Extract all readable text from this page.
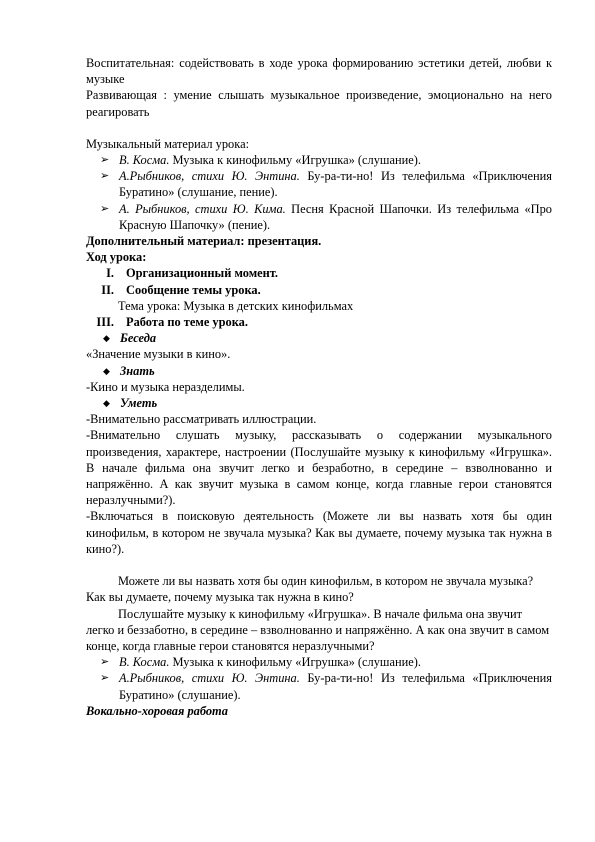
Воспитательная: содействовать в ходе урока формированию эстетики детей, любви к музыке

Развивающая : умение слышать музыкальное произведение, эмоционально на него реагировать

Музыкальный материал урока:

➢ В. Косма. Музыка к кинофильму «Игрушка» (слушание).
➢ А.Рыбников, стихи Ю. Энтина. Бу-ра-ти-но! Из телефильма «Приключения Буратино» (слушание, пение).
➢ А. Рыбников, стихи Ю. Кима. Песня Красной Шапочки. Из телефильма «Про Красную Шапочку» (пение).

Дополнительный материал: презентация.

Ход урока:

I. Организационный момент.

II. Сообщение темы урока.

Тема урока: Музыка в детских кинофильмах

III. Работа по теме урока.

◆ Беседа

«Значение музыки в кино».

◆ Знать

-Кино и музыка неразделимы.

◆ Уметь

-Внимательно рассматривать иллюстрации.

-Внимательно слушать музыку, рассказывать о содержании музыкального произведения, характере, настроении (Послушайте музыку к кинофильму «Игрушка». В начале фильма она звучит легко и безработно, в середине – взволнованно и напряжённо. А как звучит музыка в самом конце, когда главные герои становятся неразлучными?).

-Включаться в поисковую деятельность (Можете ли вы назвать хотя бы один кинофильм, в котором не звучала музыка? Как вы думаете, почему музыка так нужна в кино?).

Можете ли вы назвать хотя бы один кинофильм, в котором не звучала музыка? Как вы думаете, почему музыка так нужна в кино?

Послушайте музыку к кинофильму «Игрушка». В начале фильма она звучит легко и беззаботно, в середине – взволнованно и напряжённо. А как она звучит в самом конце, когда главные герои становятся неразлучными?

➢ В. Косма. Музыка к кинофильму «Игрушка» (слушание).
➢ А.Рыбников, стихи Ю. Энтина. Бу-ра-ти-но! Из телефильма «Приключения Буратино» (слушание).

Вокально-хоровая работа
